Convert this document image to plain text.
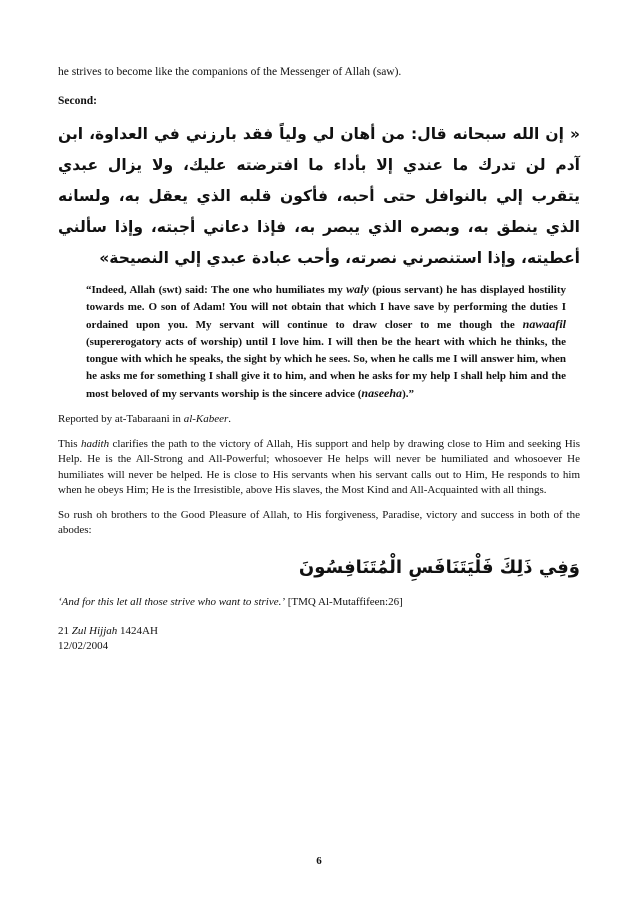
he strives to become like the companions of the Messenger of Allah (saw).

Second:

« إن الله سبحانه قال: من أهان لي ولياً فقد بارزني في العداوة، ابن آدم لن تدرك ما عندي إلا بأداء ما افترضته عليك، ولا يزال عبدي يتقرب إلي بالنوافل حتى أحبه، فأكون قلبه الذي يعقل به، ولسانه الذي ينطق به، وبصره الذي يبصر به، فإذا دعاني أجبته، وإذا سألني أعطيته، وإذا استنصرني نصرته، وأحب عبادة عبدي إلي النصيحة»

“Indeed, Allah (swt) said: The one who humiliates my waly (pious servant) he has displayed hostility towards me. O son of Adam! You will not obtain that which I have save by performing the duties I ordained upon you. My servant will continue to draw closer to me though the nawaafil (supererogatory acts of worship) until I love him. I will then be the heart with which he thinks, the tongue with which he speaks, the sight by which he sees. So, when he calls me I will answer him, when he asks me for something I shall give it to him, and when he asks for my help I shall help him and the most beloved of my servants worship is the sincere advice (naseeha).”

Reported by at-Tabaraani in al-Kabeer.

This hadith clarifies the path to the victory of Allah, His support and help by drawing close to Him and seeking His Help. He is the All-Strong and All-Powerful; whosoever He helps will never be humiliated and whosoever He humiliates will never be helped. He is close to His servants when his servant calls out to Him, He responds to him when he obeys Him; He is the Irresistible, above His slaves, the Most Kind and All-Acquainted with all things.

So rush oh brothers to the Good Pleasure of Allah, to His forgiveness, Paradise, victory and success in both of the abodes:

وَفِي ذَلِكَ فَلْيَتَنَافَسِ الْمُتَنَافِسُونَ

‘And for this let all those strive who want to strive.’ [TMQ Al-Mutaffifeen:26]

21 Zul Hijjah 1424AH
12/02/2004
6
